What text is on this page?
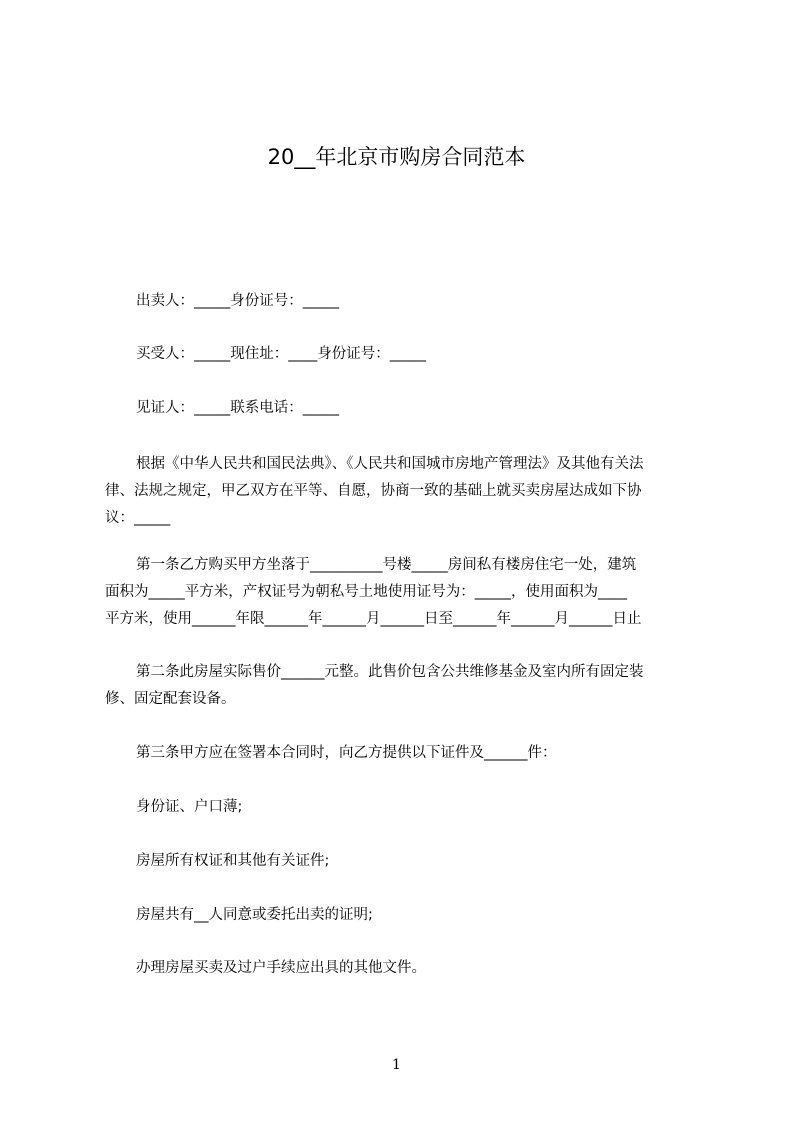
20__年北京市购房合同范本
出卖人：_____身份证号：_____
买受人：_____现住址：____身份证号：_____
见证人：_____联系电话：_____
根据《中华人民共和国民法典》、《人民共和国城市房地产管理法》及其他有关法
律、法规之规定，甲乙双方在平等、自愿，协商一致的基础上就买卖房屋达成如下协
议：_____
第一条乙方购买甲方坐落于__________号楼_____房间私有楼房住宅一处，建筑
面积为_____平方米，产权证号为朝私号土地使用证号为：_____，使用面积为____
平方米，使用______年限______年______月______日至______年______月______日止
第二条此房屋实际售价______元整。此售价包含公共维修基金及室内所有固定装
修、固定配套设备。
第三条甲方应在签署本合同时，向乙方提供以下证件及______件：
身份证、户口薄;
房屋所有权证和其他有关证件;
房屋共有__人同意或委托出卖的证明;
办理房屋买卖及过户手续应出具的其他文件。
1
